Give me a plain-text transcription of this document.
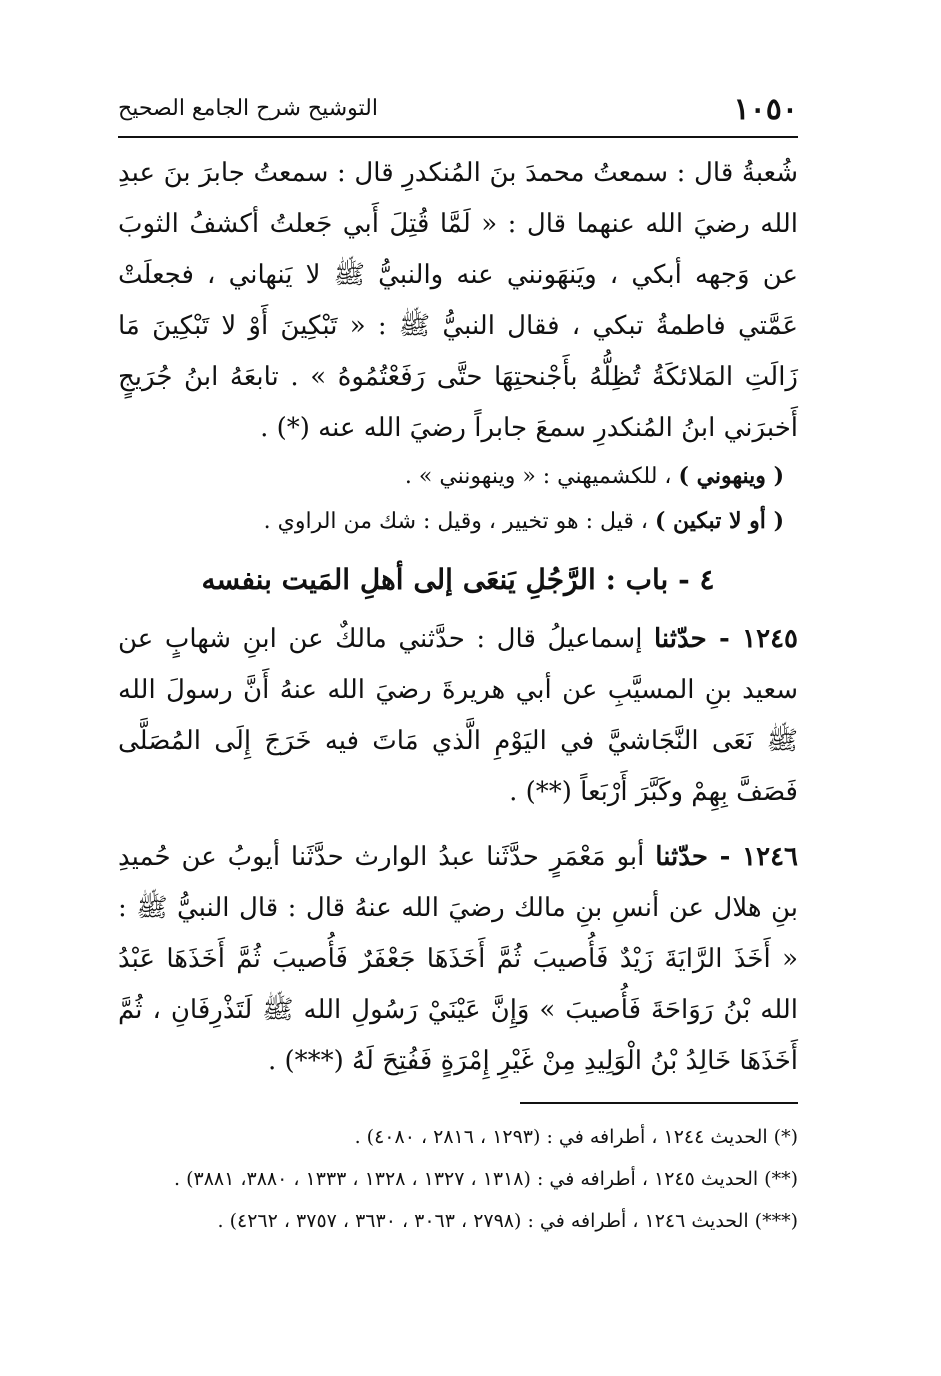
١٠٥٠
التوشيح شرح الجامع الصحيح

شُعبةُ قال : سمعتُ محمدَ بنَ المُنكدرِ قال : سمعتُ جابرَ بنَ عبدِ الله رضيَ الله عنهما قال : « لَمَّا قُتِلَ أَبي جَعلتُ أكشفُ الثوبَ عن وَجهه أبكي ، ويَنهَونني عنه والنبيُّ ﷺ لا يَنهاني ، فجعلَتْ عَمَّتي فاطمةُ تبكي ، فقال النبيُّ ﷺ : « تَبْكِينَ أَوْ لا تَبْكِينَ مَا زَالَتِ المَلائكَةُ تُظِلُّهُ بأَجْنحتِهَا حتَّى رَفَعْتُمُوهُ » . تابعَهُ ابنُ جُرَيجٍ أَخبرَني ابنُ المُنكدرِ سمعَ جابراً رضيَ الله عنه (*) .

( وينهوني ) ، للكشميهني : « وينهونني » .

( أو لا تبكين ) ، قيل : هو تخيير ، وقيل : شك من الراوي .

٤ - باب : الرَّجُلِ يَنعَى إلى أهلِ المَيت بنفسه

١٢٤٥ - حدّثنا إسماعيلُ قال : حدَّثني مالكٌ عن ابنِ شهابٍ عن سعيد بنِ المسيَّبِ عن أبي هريرةَ رضيَ الله عنهُ أَنَّ رسولَ الله ﷺ نَعَى النَّجَاشيَّ في اليَوْمِ الَّذي مَاتَ فيه خَرَجَ إِلَى المُصَلَّى فَصَفَّ بِهِمْ وكَبَّرَ أَرْبَعاً (**) .

١٢٤٦ - حدّثنا أبو مَعْمَرٍ حدَّثَنا عبدُ الوارث حدَّثَنا أيوبُ عن حُميدِ بنِ هلال عن أنسِ بنِ مالك رضيَ الله عنهُ قال : قال النبيُّ ﷺ : « أَخَذَ الرَّايَةَ زَيْدٌ فَأُصيبَ ثُمَّ أَخَذَهَا جَعْفَرٌ فَأُصيبَ ثُمَّ أَخَذَهَا عَبْدُ الله بْنُ رَوَاحَةَ فَأُصيبَ » وَإِنَّ عَيْنَيْ رَسُولِ الله ﷺ لَتَذْرِفَانِ ، ثُمَّ أَخَذَهَا خَالِدُ بْنُ الْوَلِيدِ مِنْ غَيْرِ إِمْرَةٍ فَفُتِحَ لَهُ (***) .

(*) الحديث ١٢٤٤ ، أطرافه في : (١٢٩٣ ، ٢٨١٦ ، ٤٠٨٠) .

(**) الحديث ١٢٤٥ ، أطرافه في : (١٣١٨ ، ١٣٢٧ ، ١٣٢٨ ، ١٣٣٣ ، ٣٨٨٠، ٣٨٨١) .

(***) الحديث ١٢٤٦ ، أطرافه في : (٢٧٩٨ ، ٣٠٦٣ ، ٣٦٣٠ ، ٣٧٥٧ ، ٤٢٦٢) .
